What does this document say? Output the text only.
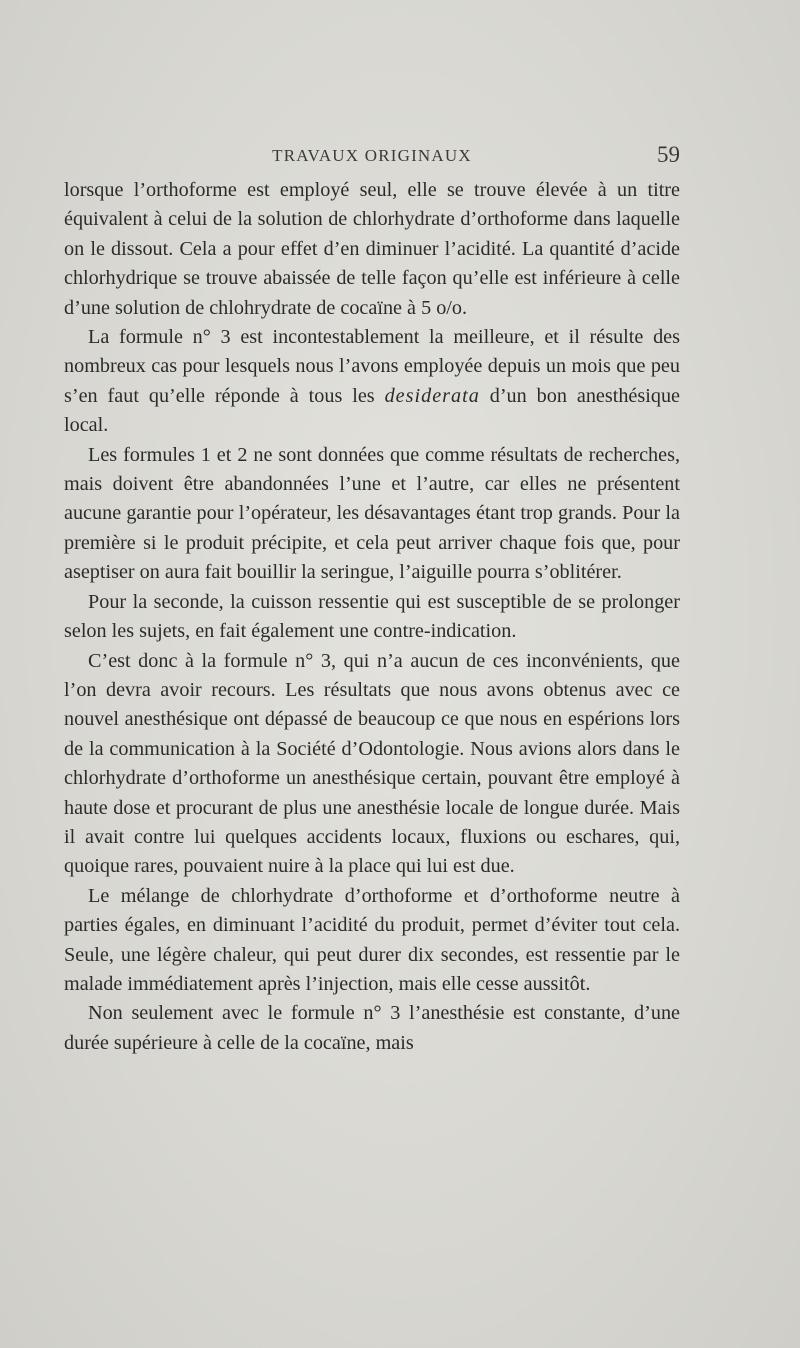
TRAVAUX ORIGINAUX	59

lorsque l’orthoforme est employé seul, elle se trouve élevée à un titre équivalent à celui de la solution de chlorhydrate d’orthoforme dans laquelle on le dissout. Cela a pour effet d’en diminuer l’acidité. La quantité d’acide chlorhydrique se trouve abaissée de telle façon qu’elle est inférieure à celle d’une solution de chlohrydrate de cocaïne à 5 o/o.

La formule n° 3 est incontestablement la meilleure, et il résulte des nombreux cas pour lesquels nous l’avons employée depuis un mois que peu s’en faut qu’elle réponde à tous les desiderata d’un bon anesthésique local.

Les formules 1 et 2 ne sont données que comme résultats de recherches, mais doivent être abandonnées l’une et l’autre, car elles ne présentent aucune garantie pour l’opérateur, les désavantages étant trop grands. Pour la première si le produit précipite, et cela peut arriver chaque fois que, pour aseptiser on aura fait bouillir la seringue, l’aiguille pourra s’oblitérer.

Pour la seconde, la cuisson ressentie qui est susceptible de se prolonger selon les sujets, en fait également une contre-indication.

C’est donc à la formule n° 3, qui n’a aucun de ces inconvénients, que l’on devra avoir recours. Les résultats que nous avons obtenus avec ce nouvel anesthésique ont dépassé de beaucoup ce que nous en espérions lors de la communication à la Société d’Odontologie. Nous avions alors dans le chlorhydrate d’orthoforme un anesthésique certain, pouvant être employé à haute dose et procurant de plus une anesthésie locale de longue durée. Mais il avait contre lui quelques accidents locaux, fluxions ou eschares, qui, quoique rares, pouvaient nuire à la place qui lui est due.

Le mélange de chlorhydrate d’orthoforme et d’orthoforme neutre à parties égales, en diminuant l’acidité du produit, permet d’éviter tout cela. Seule, une légère chaleur, qui peut durer dix secondes, est ressentie par le malade immédiatement après l’injection, mais elle cesse aussitôt.

Non seulement avec le formule n° 3 l’anesthésie est constante, d’une durée supérieure à celle de la cocaïne, mais
